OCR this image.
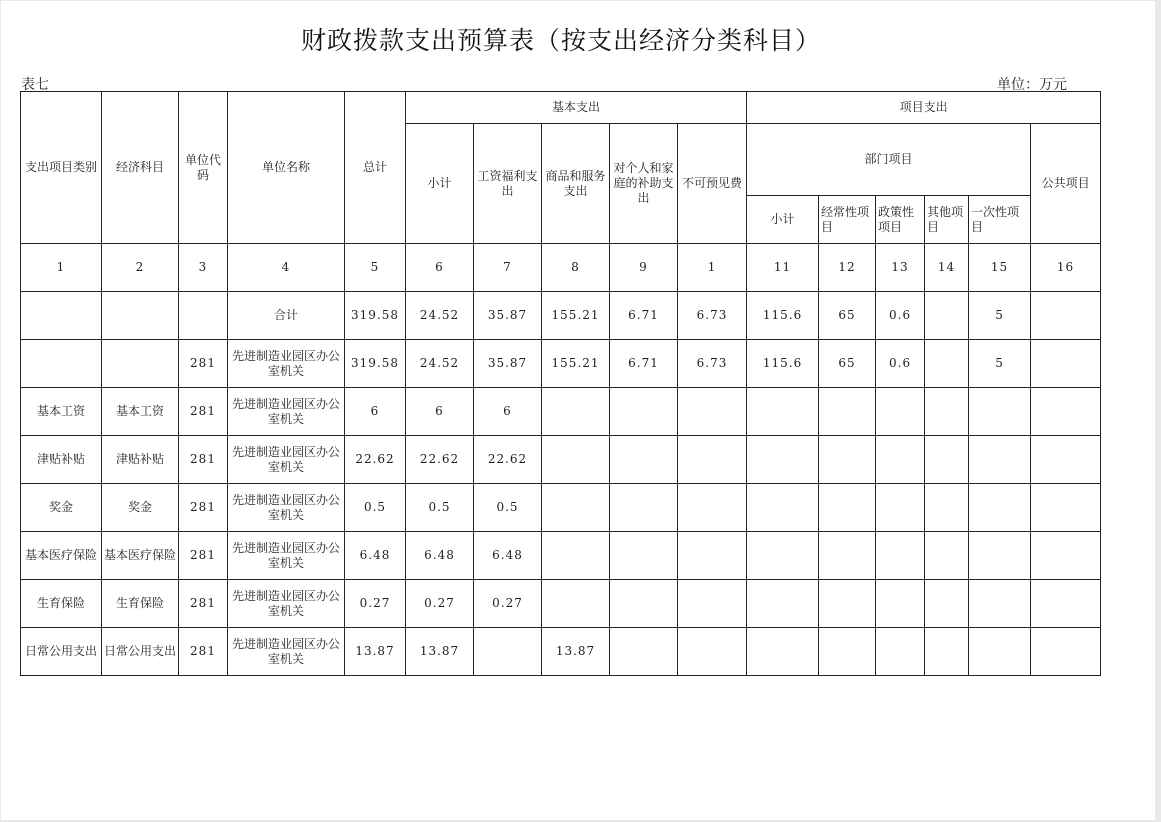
财政拨款支出预算表（按支出经济分类科目）
表七	单位：万元
支出项目类别	经济科目	单位代码	单位名称	总计	基本支出					项目支出					
					小计	工资福利支出	商品和服务支出	对个人和家庭的补助支出	不可预见费	部门项目					公共项目
										小计	经常性项目	政策性项目	其他项目	一次性项目	
1	2	3	4	5	6	7	8	9	1	11	12	13	14	15	16
			合计	319.58	24.52	35.87	155.21	6.71	6.73	115.6	65	0.6		5	
		281	先进制造业园区办公室机关	319.58	24.52	35.87	155.21	6.71	6.73	115.6	65	0.6		5	
基本工资	基本工资	281	先进制造业园区办公室机关	6	6	6									
津贴补贴	津贴补贴	281	先进制造业园区办公室机关	22.62	22.62	22.62									
奖金	奖金	281	先进制造业园区办公室机关	0.5	0.5	0.5									
基本医疗保险	基本医疗保险	281	先进制造业园区办公室机关	6.48	6.48	6.48									
生育保险	生育保险	281	先进制造业园区办公室机关	0.27	0.27	0.27									
日常公用支出	日常公用支出	281	先进制造业园区办公室机关	13.87	13.87		13.87								
